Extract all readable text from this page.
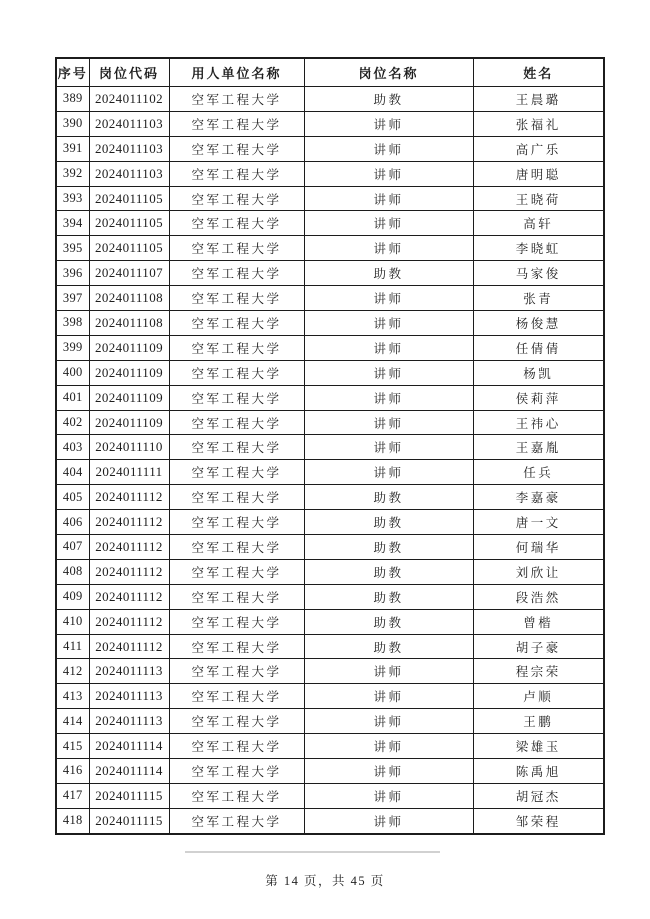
序号	岗位代码	用人单位名称	岗位名称	姓名
389	2024011102	空军工程大学	助教	王晨璐
390	2024011103	空军工程大学	讲师	张福礼
391	2024011103	空军工程大学	讲师	高广乐
392	2024011103	空军工程大学	讲师	唐明聪
393	2024011105	空军工程大学	讲师	王晓荷
394	2024011105	空军工程大学	讲师	高轩
395	2024011105	空军工程大学	讲师	李晓虹
396	2024011107	空军工程大学	助教	马家俊
397	2024011108	空军工程大学	讲师	张青
398	2024011108	空军工程大学	讲师	杨俊慧
399	2024011109	空军工程大学	讲师	任倩倩
400	2024011109	空军工程大学	讲师	杨凯
401	2024011109	空军工程大学	讲师	侯莉萍
402	2024011109	空军工程大学	讲师	王祎心
403	2024011110	空军工程大学	讲师	王嘉胤
404	2024011111	空军工程大学	讲师	任兵
405	2024011112	空军工程大学	助教	李嘉豪
406	2024011112	空军工程大学	助教	唐一文
407	2024011112	空军工程大学	助教	何瑞华
408	2024011112	空军工程大学	助教	刘欣让
409	2024011112	空军工程大学	助教	段浩然
410	2024011112	空军工程大学	助教	曾楷
411	2024011112	空军工程大学	助教	胡子豪
412	2024011113	空军工程大学	讲师	程宗荣
413	2024011113	空军工程大学	讲师	卢顺
414	2024011113	空军工程大学	讲师	王鹏
415	2024011114	空军工程大学	讲师	梁雄玉
416	2024011114	空军工程大学	讲师	陈禹旭
417	2024011115	空军工程大学	讲师	胡冠杰
418	2024011115	空军工程大学	讲师	邹荣程
第 14 页，共 45 页
